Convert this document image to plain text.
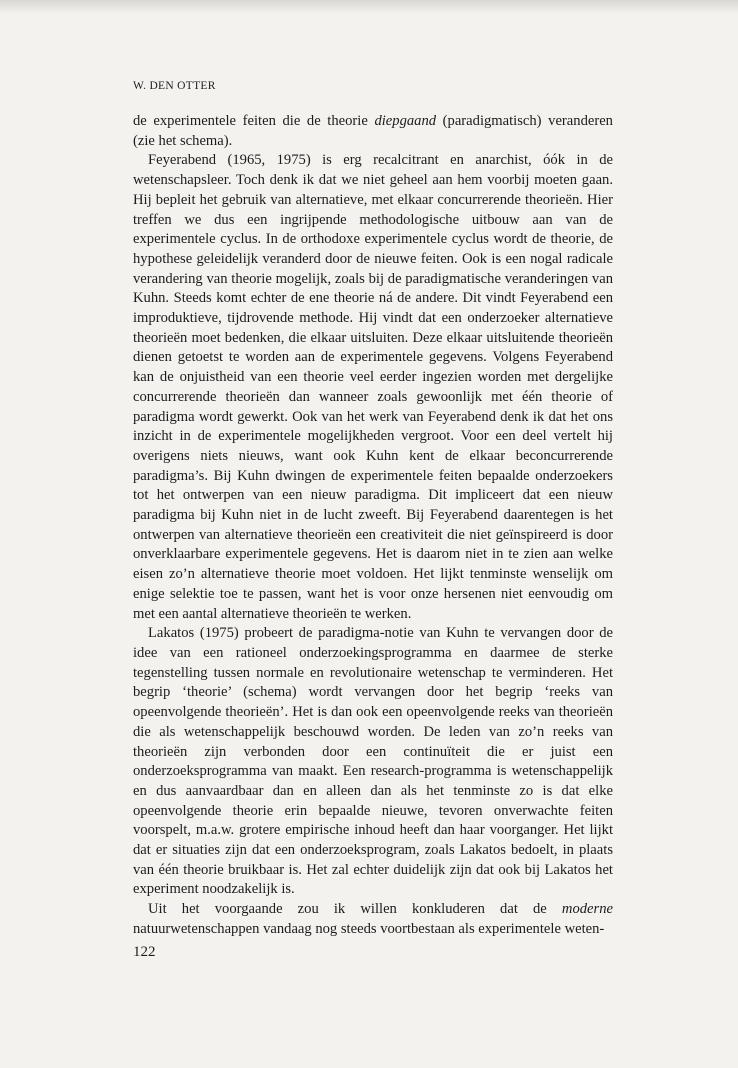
W. DEN OTTER

de experimentele feiten die de theorie diepgaand (paradigmatisch) veranderen (zie het schema).

Feyerabend (1965, 1975) is erg recalcitrant en anarchist, óók in de wetenschapsleer. Toch denk ik dat we niet geheel aan hem voorbij moeten gaan. Hij bepleit het gebruik van alternatieve, met elkaar concurrerende theorieën. Hier treffen we dus een ingrijpende methodologische uitbouw aan van de experimentele cyclus. In de orthodoxe experimentele cyclus wordt de theorie, de hypothese geleidelijk veranderd door de nieuwe feiten. Ook is een nogal radicale verandering van theorie mogelijk, zoals bij de paradigmatische veranderingen van Kuhn. Steeds komt echter de ene theorie ná de andere. Dit vindt Feyerabend een improduktieve, tijdrovende methode. Hij vindt dat een onderzoeker alternatieve theorieën moet bedenken, die elkaar uitsluiten. Deze elkaar uitsluitende theorieën dienen getoetst te worden aan de experimentele gegevens. Volgens Feyerabend kan de onjuistheid van een theorie veel eerder ingezien worden met dergelijke concurrerende theorieën dan wanneer zoals gewoonlijk met één theorie of paradigma wordt gewerkt. Ook van het werk van Feyerabend denk ik dat het ons inzicht in de experimentele mogelijkheden vergroot. Voor een deel vertelt hij overigens niets nieuws, want ook Kuhn kent de elkaar beconcurrerende paradigma’s. Bij Kuhn dwingen de experimentele feiten bepaalde onderzoekers tot het ontwerpen van een nieuw paradigma. Dit impliceert dat een nieuw paradigma bij Kuhn niet in de lucht zweeft. Bij Feyerabend daarentegen is het ontwerpen van alternatieve theorieën een creativiteit die niet geïnspireerd is door onverklaarbare experimentele gegevens. Het is daarom niet in te zien aan welke eisen zo’n alternatieve theorie moet voldoen. Het lijkt tenminste wenselijk om enige selektie toe te passen, want het is voor onze hersenen niet eenvoudig om met een aantal alternatieve theorieën te werken.

Lakatos (1975) probeert de paradigma-notie van Kuhn te vervangen door de idee van een rationeel onderzoekingsprogramma en daarmee de sterke tegenstelling tussen normale en revolutionaire wetenschap te verminderen. Het begrip ‘theorie’ (schema) wordt vervangen door het begrip ‘reeks van opeenvolgende theorieën’. Het is dan ook een opeenvolgende reeks van theorieën die als wetenschappelijk beschouwd worden. De leden van zo’n reeks van theorieën zijn verbonden door een continuïteit die er juist een onderzoeksprogramma van maakt. Een research-programma is wetenschappelijk en dus aanvaardbaar dan en alleen dan als het tenminste zo is dat elke opeenvolgende theorie erin bepaalde nieuwe, tevoren onverwachte feiten voorspelt, m.a.w. grotere empirische inhoud heeft dan haar voorganger. Het lijkt dat er situaties zijn dat een onderzoeksprogram, zoals Lakatos bedoelt, in plaats van één theorie bruikbaar is. Het zal echter duidelijk zijn dat ook bij Lakatos het experiment noodzakelijk is.

Uit het voorgaande zou ik willen konkluderen dat de moderne natuurwetenschappen vandaag nog steeds voortbestaan als experimentele weten-

122
